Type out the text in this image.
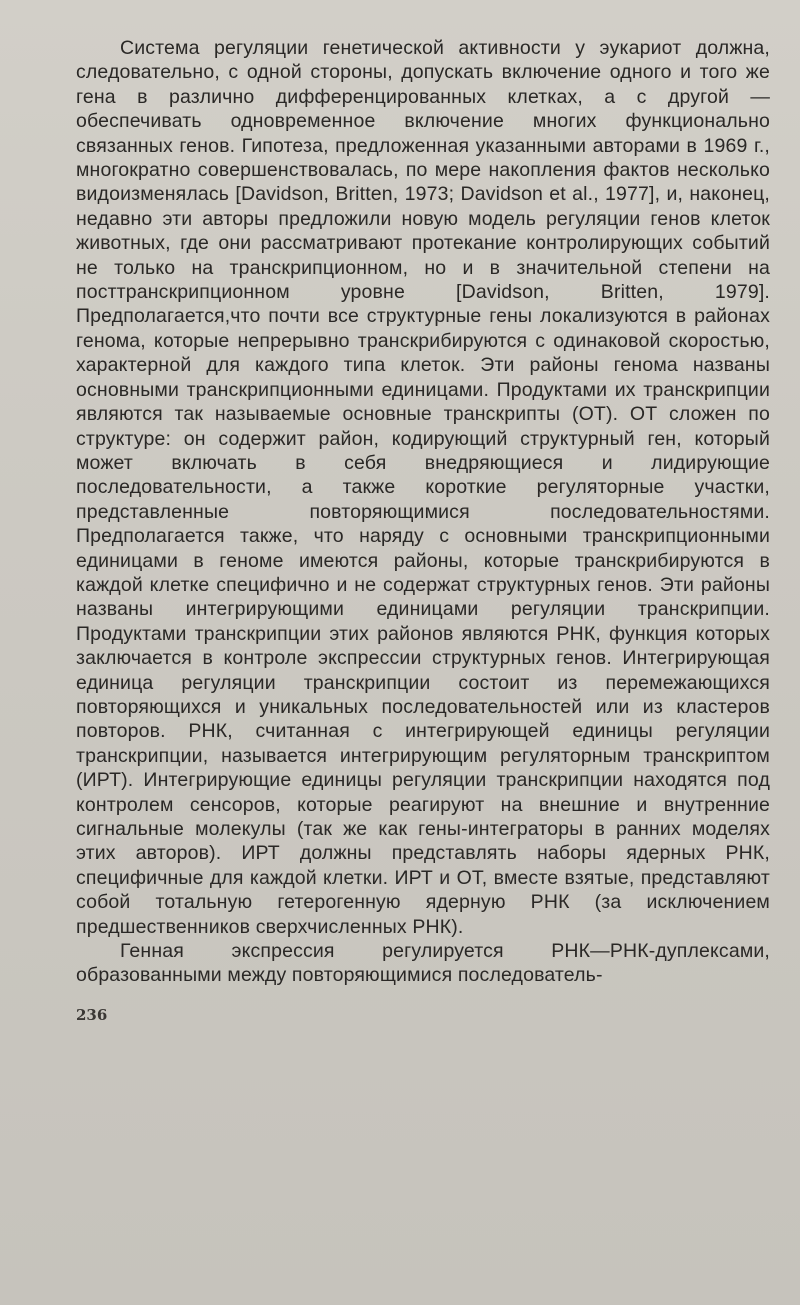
Система регуляции генетической активности у эукариот должна, следовательно, с одной стороны, допускать включение одного и того же гена в различно дифференцированных клетках, а с другой — обеспечивать одновременное включение многих функционально связанных генов. Гипотеза, предложенная указанными авторами в 1969 г., многократно совершенствовалась, по мере накопления фактов несколько видоизменялась [Davidson, Britten, 1973; Davidson et al., 1977], и, наконец, недавно эти авторы предложили новую модель регуляции генов клеток животных, где они рассматривают протекание контролирующих событий не только на транскрипционном, но и в значительной степени на посттранскрипционном уровне [Davidson, Britten, 1979]. Предполагается,что почти все структурные гены локализуются в районах генома, которые непрерывно транскрибируются с одинаковой скоростью, характерной для каждого типа клеток. Эти районы генома названы основными транскрипционными единицами. Продуктами их транскрипции являются так называемые основные транскрипты (ОТ). ОТ сложен по структуре: он содержит район, кодирующий структурный ген, который может включать в себя внедряющиеся и лидирующие последовательности, а также короткие регуляторные участки, представленные повторяющимися последовательностями. Предполагается также, что наряду с основными транскрипционными единицами в геноме имеются районы, которые транскрибируются в каждой клетке специфично и не содержат структурных генов. Эти районы названы интегрирующими единицами регуляции транскрипции. Продуктами транскрипции этих районов являются РНК, функция которых заключается в контроле экспрессии структурных генов. Интегрирующая единица регуляции транскрипции состоит из перемежающихся повторяющихся и уникальных последовательностей или из кластеров повторов. РНК, считанная с интегрирующей единицы регуляции транскрипции, называется интегрирующим регуляторным транскриптом (ИРТ). Интегрирующие единицы регуляции транскрипции находятся под контролем сенсоров, которые реагируют на внешние и внутренние сигнальные молекулы (так же как гены-интеграторы в ранних моделях этих авторов). ИРТ должны представлять наборы ядерных РНК, специфичные для каждой клетки. ИРТ и ОТ, вместе взятые, представляют собой тотальную гетерогенную ядерную РНК (за исключением предшественников сверхчисленных РНК).

Генная экспрессия регулируется РНК—РНК-дуплексами, образованными между повторяющимися последователь-

236
